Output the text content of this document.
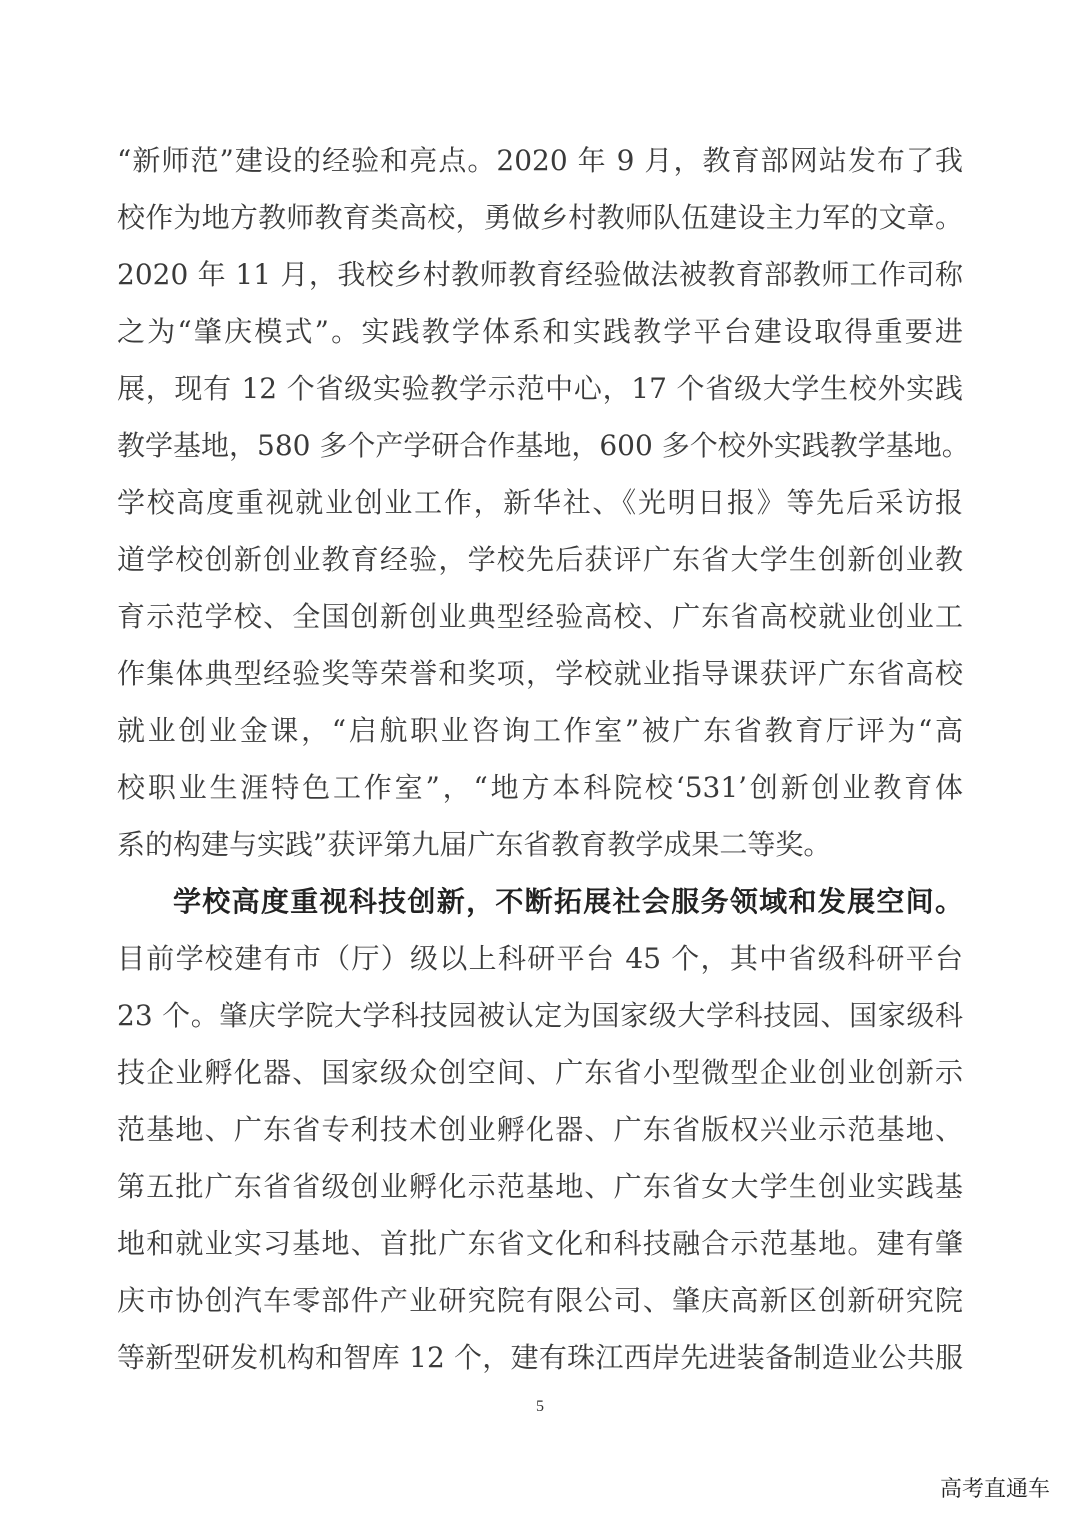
“新师范”建设的经验和亮点。2020 年 9 月，教育部网站发布了我
校作为地方教师教育类高校，勇做乡村教师队伍建设主力军的文章。
2020 年 11 月，我校乡村教师教育经验做法被教育部教师工作司称
之为“肇庆模式”。实践教学体系和实践教学平台建设取得重要进
展，现有 12 个省级实验教学示范中心，17 个省级大学生校外实践
教学基地，580 多个产学研合作基地，600 多个校外实践教学基地。
学校高度重视就业创业工作，新华社、《光明日报》等先后采访报
道学校创新创业教育经验，学校先后获评广东省大学生创新创业教
育示范学校、全国创新创业典型经验高校、广东省高校就业创业工
作集体典型经验奖等荣誉和奖项，学校就业指导课获评广东省高校
就业创业金课，“启航职业咨询工作室”被广东省教育厅评为“高
校职业生涯特色工作室”，“地方本科院校‘531’创新创业教育体
系的构建与实践”获评第九届广东省教育教学成果二等奖。
学校高度重视科技创新，不断拓展社会服务领域和发展空间。
目前学校建有市（厅）级以上科研平台 45 个，其中省级科研平台
23 个。肇庆学院大学科技园被认定为国家级大学科技园、国家级科
技企业孵化器、国家级众创空间、广东省小型微型企业创业创新示
范基地、广东省专利技术创业孵化器、广东省版权兴业示范基地、
第五批广东省省级创业孵化示范基地、广东省女大学生创业实践基
地和就业实习基地、首批广东省文化和科技融合示范基地。建有肇
庆市协创汽车零部件产业研究院有限公司、肇庆高新区创新研究院
等新型研发机构和智库 12 个，建有珠江西岸先进装备制造业公共服
5
高考直通车
